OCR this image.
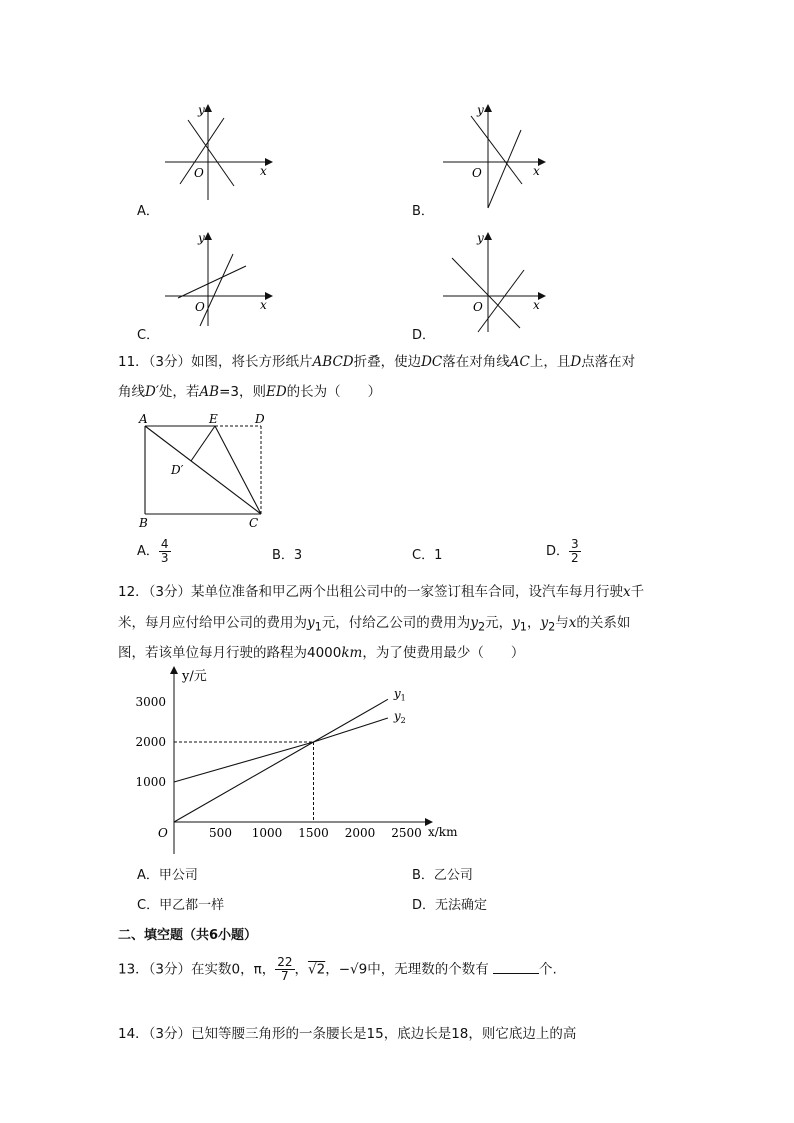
y
x
O
A．
y
x
O
B．
y
x
O
C．
y
x
O
D．
11．（3分）如图，将长方形纸片ABCD折叠，使边DC落在对角线AC上，且D点落在对
角线D′处，若AB=3，则ED的长为（　　）
A	E	D
D′
B	C
A． $\frac{4}{3}$	B．3	C．1	D． $\frac{3}{2}$
12．（3分）某单位准备和甲乙两个出租公司中的一家签订租车合同，设汽车每月行驶x千
米，每月应付给甲公司的费用为$y_1$元，付给乙公司的费用为$y_2$元，$y_1$，$y_2$与x的关系如
图，若该单位每月行驶的路程为4000km，为了使费用最少（　　）
y/元
x/km
O	500 1000 1500 2000 2500
1000
2000
3000
$y_1$
$y_2$
A．甲公司	B．乙公司
C．甲乙都一样	D．无法确定
二、填空题（共6小题）
13．（3分）在实数0，π， $\frac{22}{7}$ ，√2，−√9中，无理数的个数有	个.
14．（3分）已知等腰三角形的一条腰长是15，底边长是18，则它底边上的高
